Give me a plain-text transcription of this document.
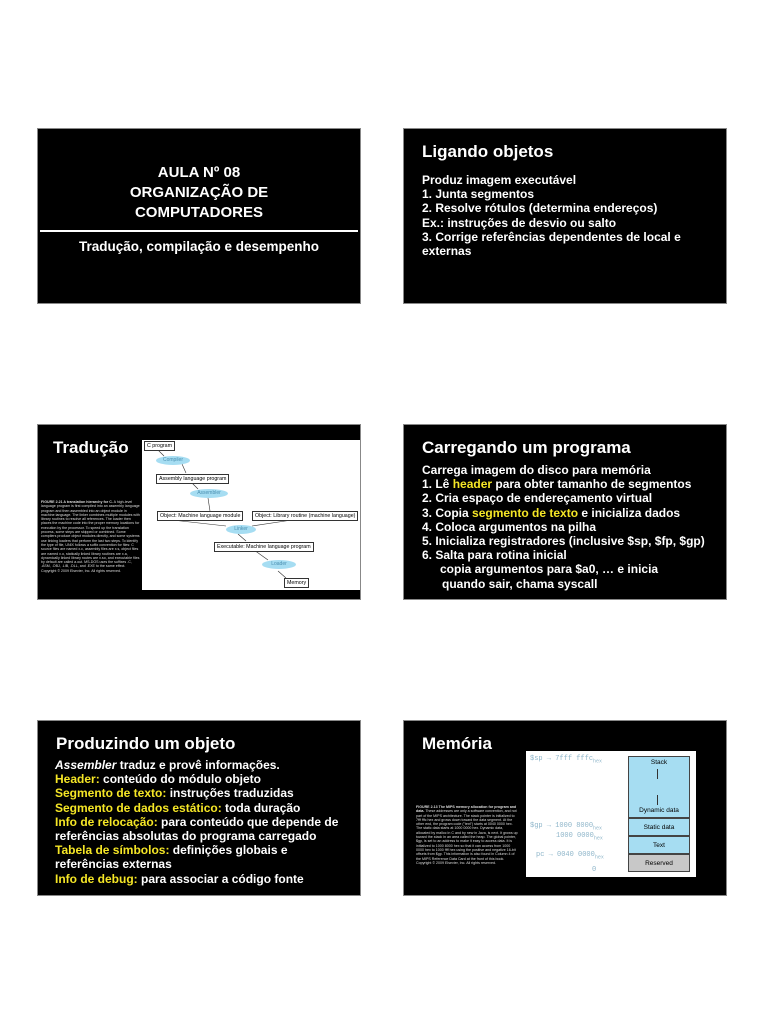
AULA Nº 08
ORGANIZAÇÃO DE
COMPUTADORES
Tradução, compilação e desempenho
Ligando objetos
Produz imagem executável
1. Junta segmentos
2. Resolve rótulos (determina endereços)
Ex.: instruções de desvio ou salto
3. Corrige referências dependentes de local e
externas
Tradução
FIGURE 2.21 A translation hierarchy for C. A high-level language program is first compiled into an assembly language program and then assembled into an object module in machine language. The linker combines multiple modules with library routines to resolve all references. The loader then places the machine code into the proper memory locations for execution by the processor. To speed up the translation process, some steps are skipped or combined. Some compilers produce object modules directly, and some systems use linking loaders that perform the last two steps. To identify the type of file, UNIX follows a suffix convention for files: C source files are named x.c, assembly files are x.s, object files are named x.o, statically linked library routines are x.a, dynamically linked library routes are x.so, and executable files by default are called a.out. MS-DOS uses the suffixes .C, .ASM, .OBJ, .LIB, .DLL, and .EXE to the same effect.
Copyright © 2009 Elsevier, Inc. All rights reserved.
C program
Compiler
Assembly language program
Assembler
Object: Machine language module	Object: Library routine (machine language)
Linker
Executable: Machine language program
Loader
Memory
Carregando um programa
Carrega imagem do disco para memória
1. Lê header para obter tamanho de segmentos
2. Cria espaço de endereçamento virtual
3. Copia segmento de texto e inicializa dados
4. Coloca argumentos na pilha
5. Inicializa registradores (inclusive $sp, $fp, $gp)
6. Salta para rotina inicial
copia argumentos para $a0, … e inicia
quando sair, chama syscall
Produzindo um objeto
Assembler traduz e provê informações.
Header: conteúdo do módulo objeto
Segmento de texto: instruções traduzidas
Segmento de dados estático: toda duração
Info de relocação: para conteúdo que depende de
referências absolutas do programa carregado
Tabela de símbolos: definições globais e
referências externas
Info de debug: para associar a código fonte
Memória
FIGURE 2.13 The MIPS memory allocation for program and data. These addresses are only a software convention, and not part of the MIPS architecture. The stack pointer is initialized to 7fff fffc hex and grows down toward the data segment. At the other end, the program code ("text") starts at 0040 0000 hex. The static data starts at 1000 0000 hex. Dynamic data, allocated by malloc in C and by new in Java, is next. It grows up toward the stack in an area called the heap. The global pointer, $gp, is set to an address to make it easy to access data. It is initialized to 1000 8000 hex so that it can access from 1000 0000 hex to 1000 ffff hex using the positive and negative 16-bit offsets from $gp. This information is also found in Column 4 of the MIPS Reference Data Card at the front of this book.
Copyright © 2009 Elsevier, Inc. All rights reserved.
$sp → 7fff fffc$_{hex}$
$gp → 1000 $8000_{hex}$
1000 $0000_{hex}$
pc → 0040 $0000_{hex}$
0
Stack
Dynamic data
Static data
Text
Reserved
